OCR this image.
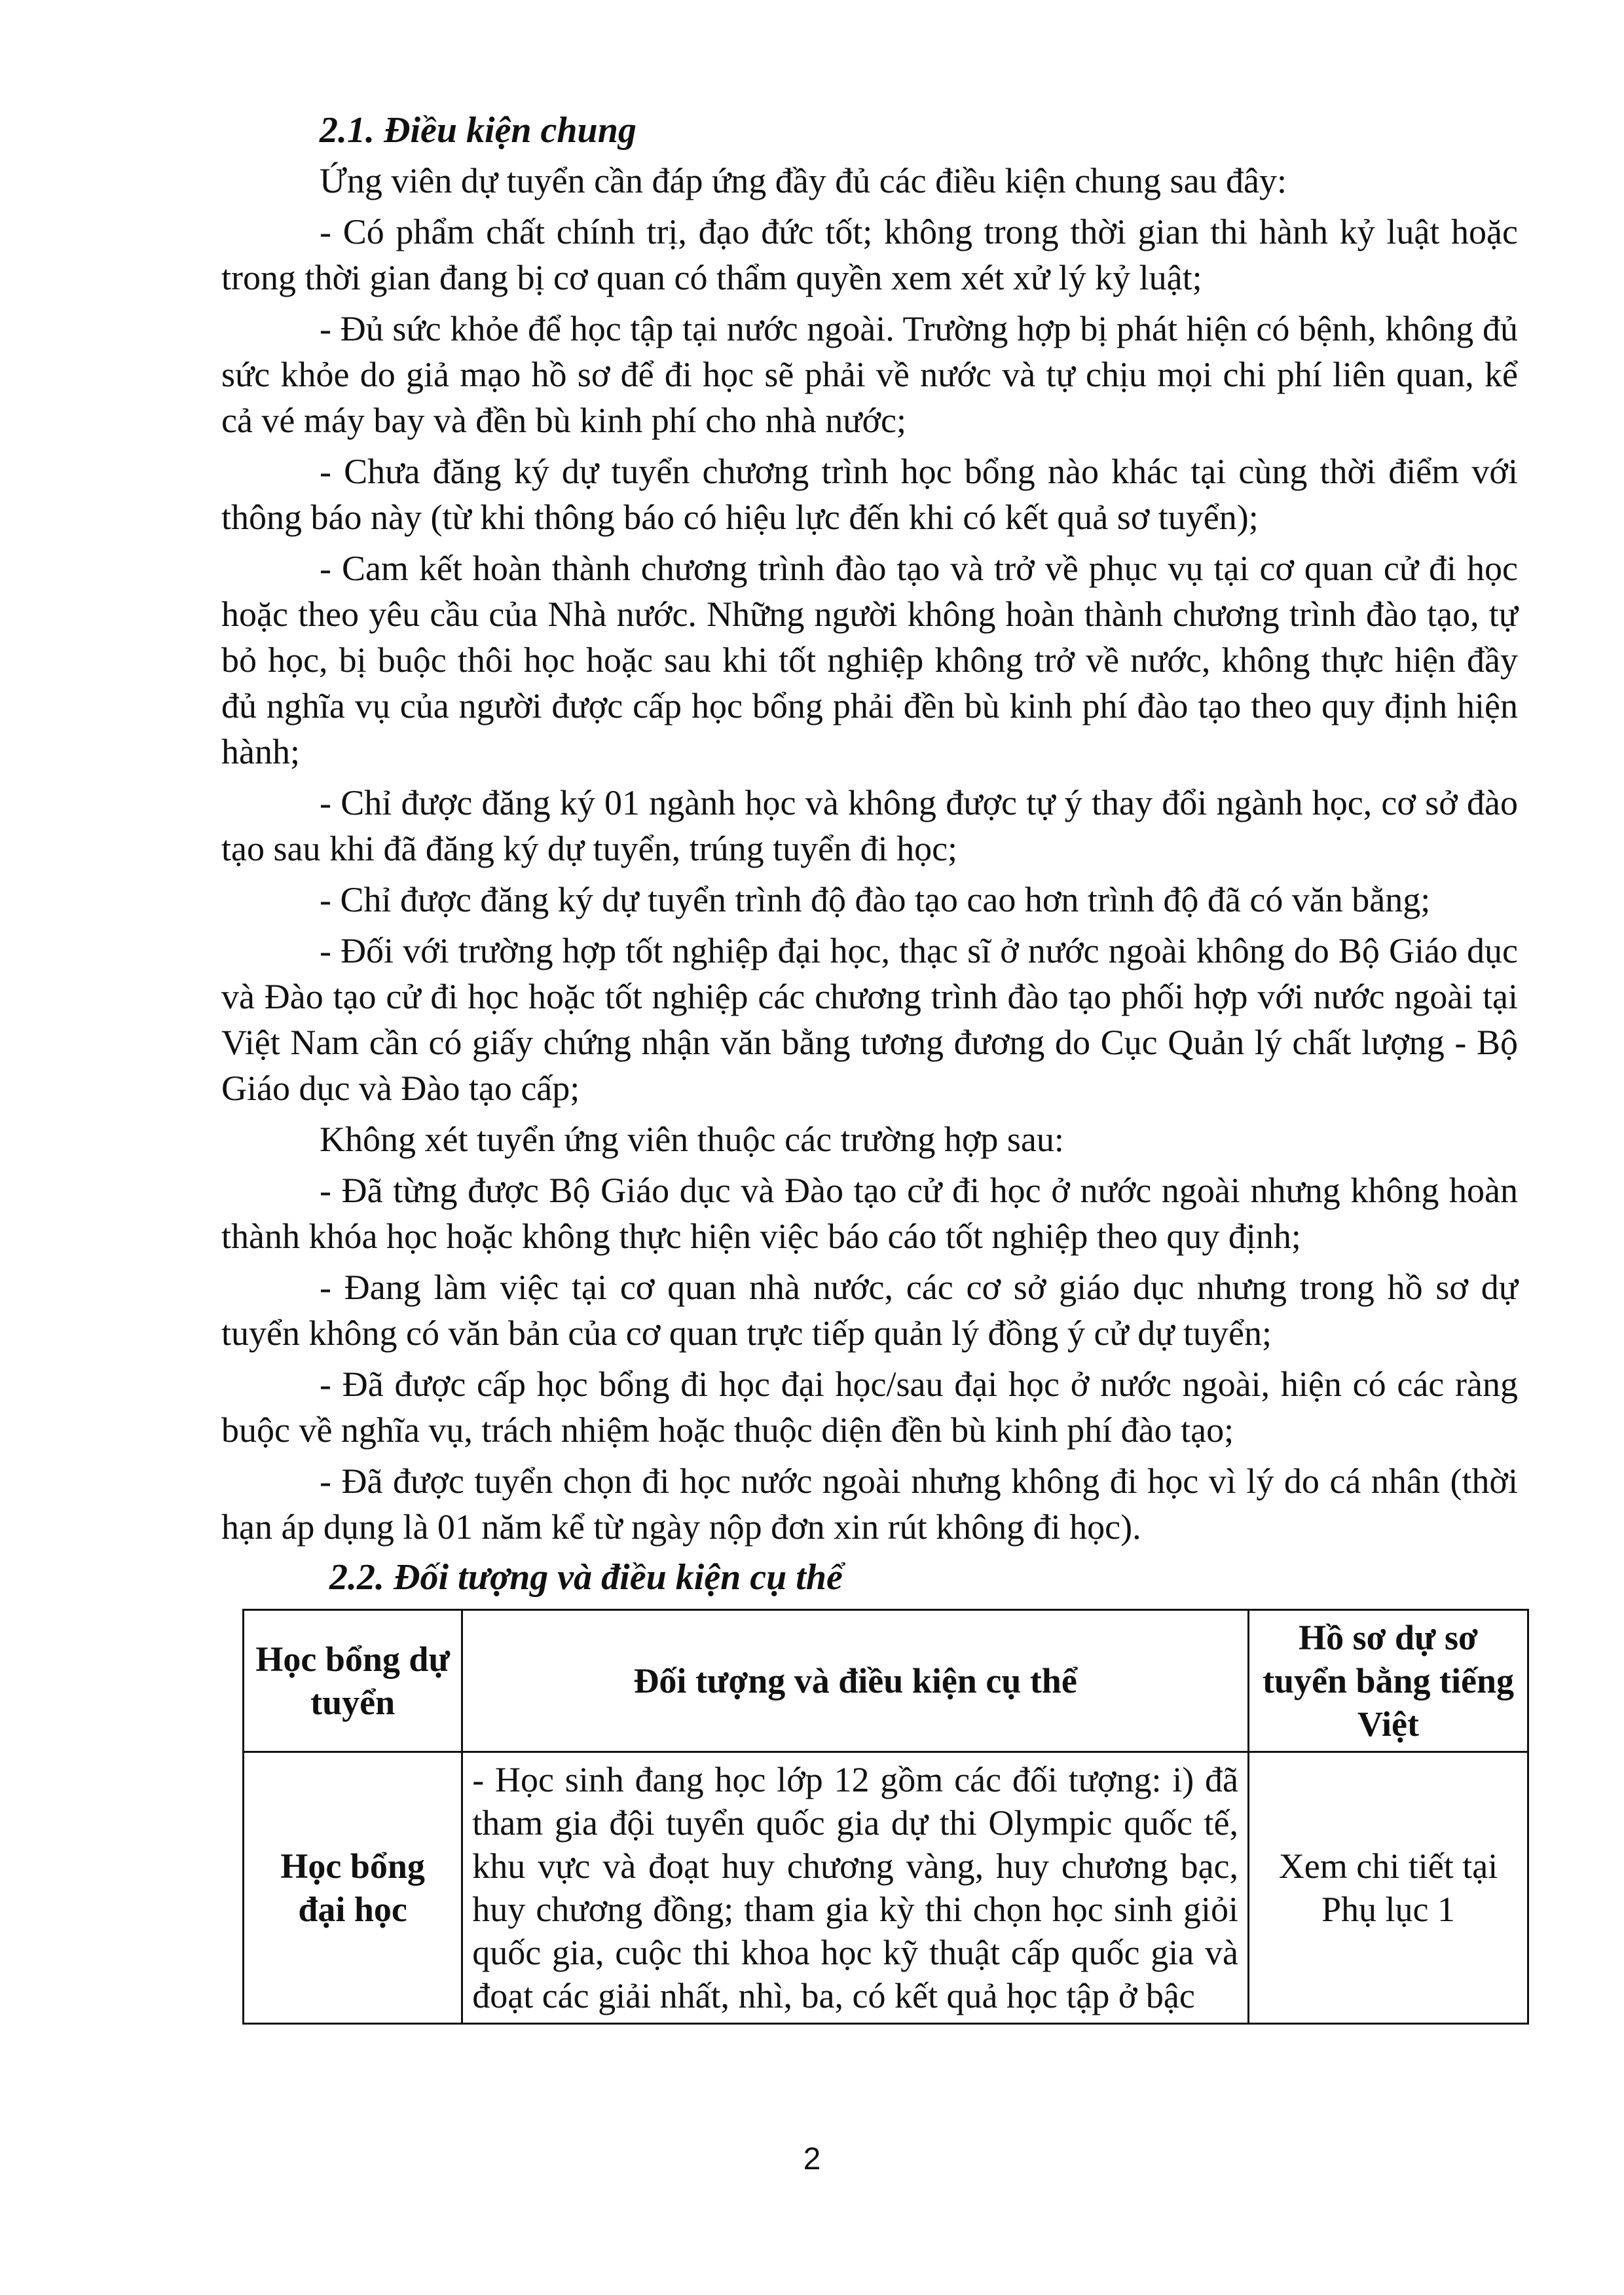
2.1. Điều kiện chung

Ứng viên dự tuyển cần đáp ứng đầy đủ các điều kiện chung sau đây:

- Có phẩm chất chính trị, đạo đức tốt; không trong thời gian thi hành kỷ luật hoặc trong thời gian đang bị cơ quan có thẩm quyền xem xét xử lý kỷ luật;

- Đủ sức khỏe để học tập tại nước ngoài. Trường hợp bị phát hiện có bệnh, không đủ sức khỏe do giả mạo hồ sơ để đi học sẽ phải về nước và tự chịu mọi chi phí liên quan, kể cả vé máy bay và đền bù kinh phí cho nhà nước;

- Chưa đăng ký dự tuyển chương trình học bổng nào khác tại cùng thời điểm với thông báo này (từ khi thông báo có hiệu lực đến khi có kết quả sơ tuyển);

- Cam kết hoàn thành chương trình đào tạo và trở về phục vụ tại cơ quan cử đi học hoặc theo yêu cầu của Nhà nước. Những người không hoàn thành chương trình đào tạo, tự bỏ học, bị buộc thôi học hoặc sau khi tốt nghiệp không trở về nước, không thực hiện đầy đủ nghĩa vụ của người được cấp học bổng phải đền bù kinh phí đào tạo theo quy định hiện hành;

- Chỉ được đăng ký 01 ngành học và không được tự ý thay đổi ngành học, cơ sở đào tạo sau khi đã đăng ký dự tuyển, trúng tuyển đi học;

- Chỉ được đăng ký dự tuyển trình độ đào tạo cao hơn trình độ đã có văn bằng;

- Đối với trường hợp tốt nghiệp đại học, thạc sĩ ở nước ngoài không do Bộ Giáo dục và Đào tạo cử đi học hoặc tốt nghiệp các chương trình đào tạo phối hợp với nước ngoài tại Việt Nam cần có giấy chứng nhận văn bằng tương đương do Cục Quản lý chất lượng - Bộ Giáo dục và Đào tạo cấp;

Không xét tuyển ứng viên thuộc các trường hợp sau:

- Đã từng được Bộ Giáo dục và Đào tạo cử đi học ở nước ngoài nhưng không hoàn thành khóa học hoặc không thực hiện việc báo cáo tốt nghiệp theo quy định;

- Đang làm việc tại cơ quan nhà nước, các cơ sở giáo dục nhưng trong hồ sơ dự tuyển không có văn bản của cơ quan trực tiếp quản lý đồng ý cử dự tuyển;

- Đã được cấp học bổng đi học đại học/sau đại học ở nước ngoài, hiện có các ràng buộc về nghĩa vụ, trách nhiệm hoặc thuộc diện đền bù kinh phí đào tạo;

- Đã được tuyển chọn đi học nước ngoài nhưng không đi học vì lý do cá nhân (thời hạn áp dụng là 01 năm kể từ ngày nộp đơn xin rút không đi học).

2.2. Đối tượng và điều kiện cụ thể
Học bổng dự tuyển	Đối tượng và điều kiện cụ thể	Hồ sơ dự sơ tuyển bằng tiếng Việt
Học bổng đại học	- Học sinh đang học lớp 12 gồm các đối tượng: i) đã tham gia đội tuyển quốc gia dự thi Olympic quốc tế, khu vực và đoạt huy chương vàng, huy chương bạc, huy chương đồng; tham gia kỳ thi chọn học sinh giỏi quốc gia, cuộc thi khoa học kỹ thuật cấp quốc gia và đoạt các giải nhất, nhì, ba, có kết quả học tập ở bậc	Xem chi tiết tại Phụ lục 1
2
